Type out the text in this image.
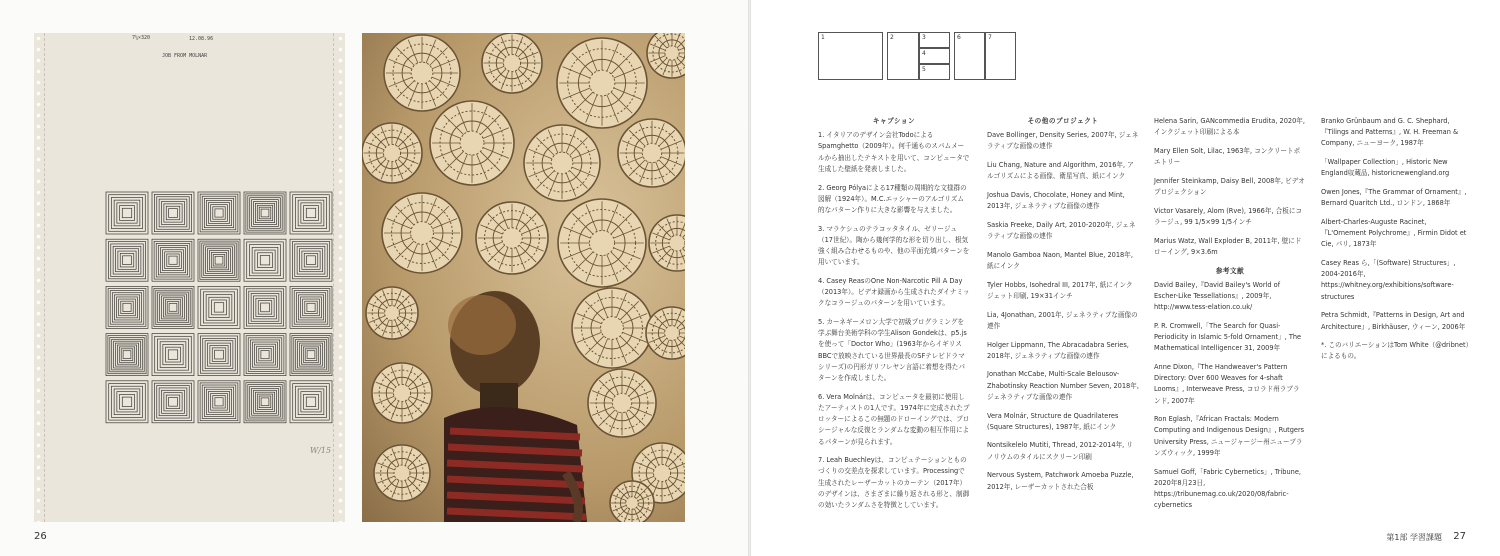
7¼×320	12.08.96
JOB FROM MOLNAR
W/15
26
1	2	3
4
5
6	7
キャプション

1. イタリアのデザイン会社TodoによるSpamghetto（2009年）。何千通ものスパムメールから抽出したテキストを用いて、コンピュータで生成した壁紙を発表しました。

2. Georg Pólyaによる17種類の周期的な文様群の図解（1924年）。M.C.エッシャーのアルゴリズム的なパターン作りに大きな影響を与えました。

3. マラケシュのテラコッタタイル、ゼリージュ（17世紀）。陶から幾何学的な形を切り出し、根気強く組み合わせるものや、他の平面充填パターンを用いています。

4. Casey ReasのOne Non-Narcotic Pill A Day（2013年）。ビデオ録画から生成されたダイナミックなコラージュのパターンを用いています。

5. カーネギーメロン大学で初級プログラミングを学ぶ舞台美術学科の学生Alison Gondekは、p5.jsを使って「Doctor Who」(1963年からイギリスBBCで放映されている世界最長のSFテレビドラマシリーズ)の円形ガリフレヤン言語に着想を得たパターンを作成しました。

6. Vera Molnárは、コンピュータを最初に使用したアーティストの1人です。1974年に完成されたプロッターによるこの無題のドローイングでは、プロシージャルな反復とランダムな変動の相互作用によるパターンが見られます。

7. Leah Buechleyは、コンピュテーションとものづくりの交差点を探求しています。Processingで生成されたレーザーカットのカーテン（2017年）のデザインは、さまざまに繰り返される形と、制御の効いたランダムさを特徴としています。

その他のプロジェクト

Dave Bollinger, Density Series, 2007年, ジェネラティブな画像の連作

Liu Chang, Nature and Algorithm, 2016年, アルゴリズムによる画像、衛星写真、紙にインク

Joshua Davis, Chocolate, Honey and Mint, 2013年, ジェネラティブな画像の連作

Saskia Freeke, Daily Art, 2010-2020年, ジェネラティブな画像の連作

Manolo Gamboa Naon, Mantel Blue, 2018年, 紙にインク

Tyler Hobbs, Isohedral III, 2017年, 紙にインクジェット印刷, 19×31インチ

Lia, 4Jonathan, 2001年, ジェネラティブな画像の連作

Holger Lippmann, The Abracadabra Series, 2018年, ジェネラティブな画像の連作

Jonathan McCabe, Multi-Scale Belousov-Zhabotinsky Reaction Number Seven, 2018年, ジェネラティブな画像の連作

Vera Molnár, Structure de Quadrilateres (Square Structures), 1987年, 紙にインク

Nontsikelelo Mutiti, Thread, 2012-2014年, リノリウムのタイルにスクリーン印刷

Nervous System, Patchwork Amoeba Puzzle, 2012年, レーザーカットされた合板

Helena Sarin, GANcommedia Erudita, 2020年, インクジェット印刷による本

Mary Ellen Solt, Lilac, 1963年, コンクリートポエトリー

Jennifer Steinkamp, Daisy Bell, 2008年, ビデオプロジェクション

Victor Vasarely, Alom (Rve), 1966年, 合板にコラージュ, 99 1/5×99 1/5インチ

Marius Watz, Wall Exploder B, 2011年, 壁にドローイング, 9×3.6m

参考文献

David Bailey,『David Bailey's World of Escher-Like Tessellations』, 2009年, http://www.tess-elation.co.uk/

P. R. Cromwell,「The Search for Quasi-Periodicity in Islamic 5-fold Ornament」, The Mathematical Intelligencer 31, 2009年

Anne Dixon,『The Handweaver's Pattern Directory: Over 600 Weaves for 4-shaft Looms』, Interweave Press, コロラド州ラブランド, 2007年

Ron Eglash,『African Fractals: Modern Computing and Indigenous Design』, Rutgers University Press, ニュージャージー州ニューブランズウィック, 1999年

Samuel Goff,「Fabric Cybernetics」, Tribune, 2020年8月23日, https://tribunemag.co.uk/2020/08/fabric-cybernetics

Branko Grünbaum and G. C. Shephard,『Tilings and Patterns』, W. H. Freeman & Company, ニューヨーク, 1987年

「Wallpaper Collection」, Historic New England収蔵品, historicnewengland.org

Owen Jones,『The Grammar of Ornament』, Bernard Quaritch Ltd., ロンドン, 1868年

Albert-Charles-Auguste Racinet,『L'Ornement Polychrome』, Firmin Didot et Cie, パリ, 1873年

Casey Reas ら,「(Software) Structures」, 2004-2016年, https://whitney.org/exhibitions/software-structures

Petra Schmidt,『Patterns in Design, Art and Architecture』, Birkhäuser, ウィーン, 2006年

*. このバリエーションはTom White（@dribnet）によるもの。

第1部 学習課題 27
